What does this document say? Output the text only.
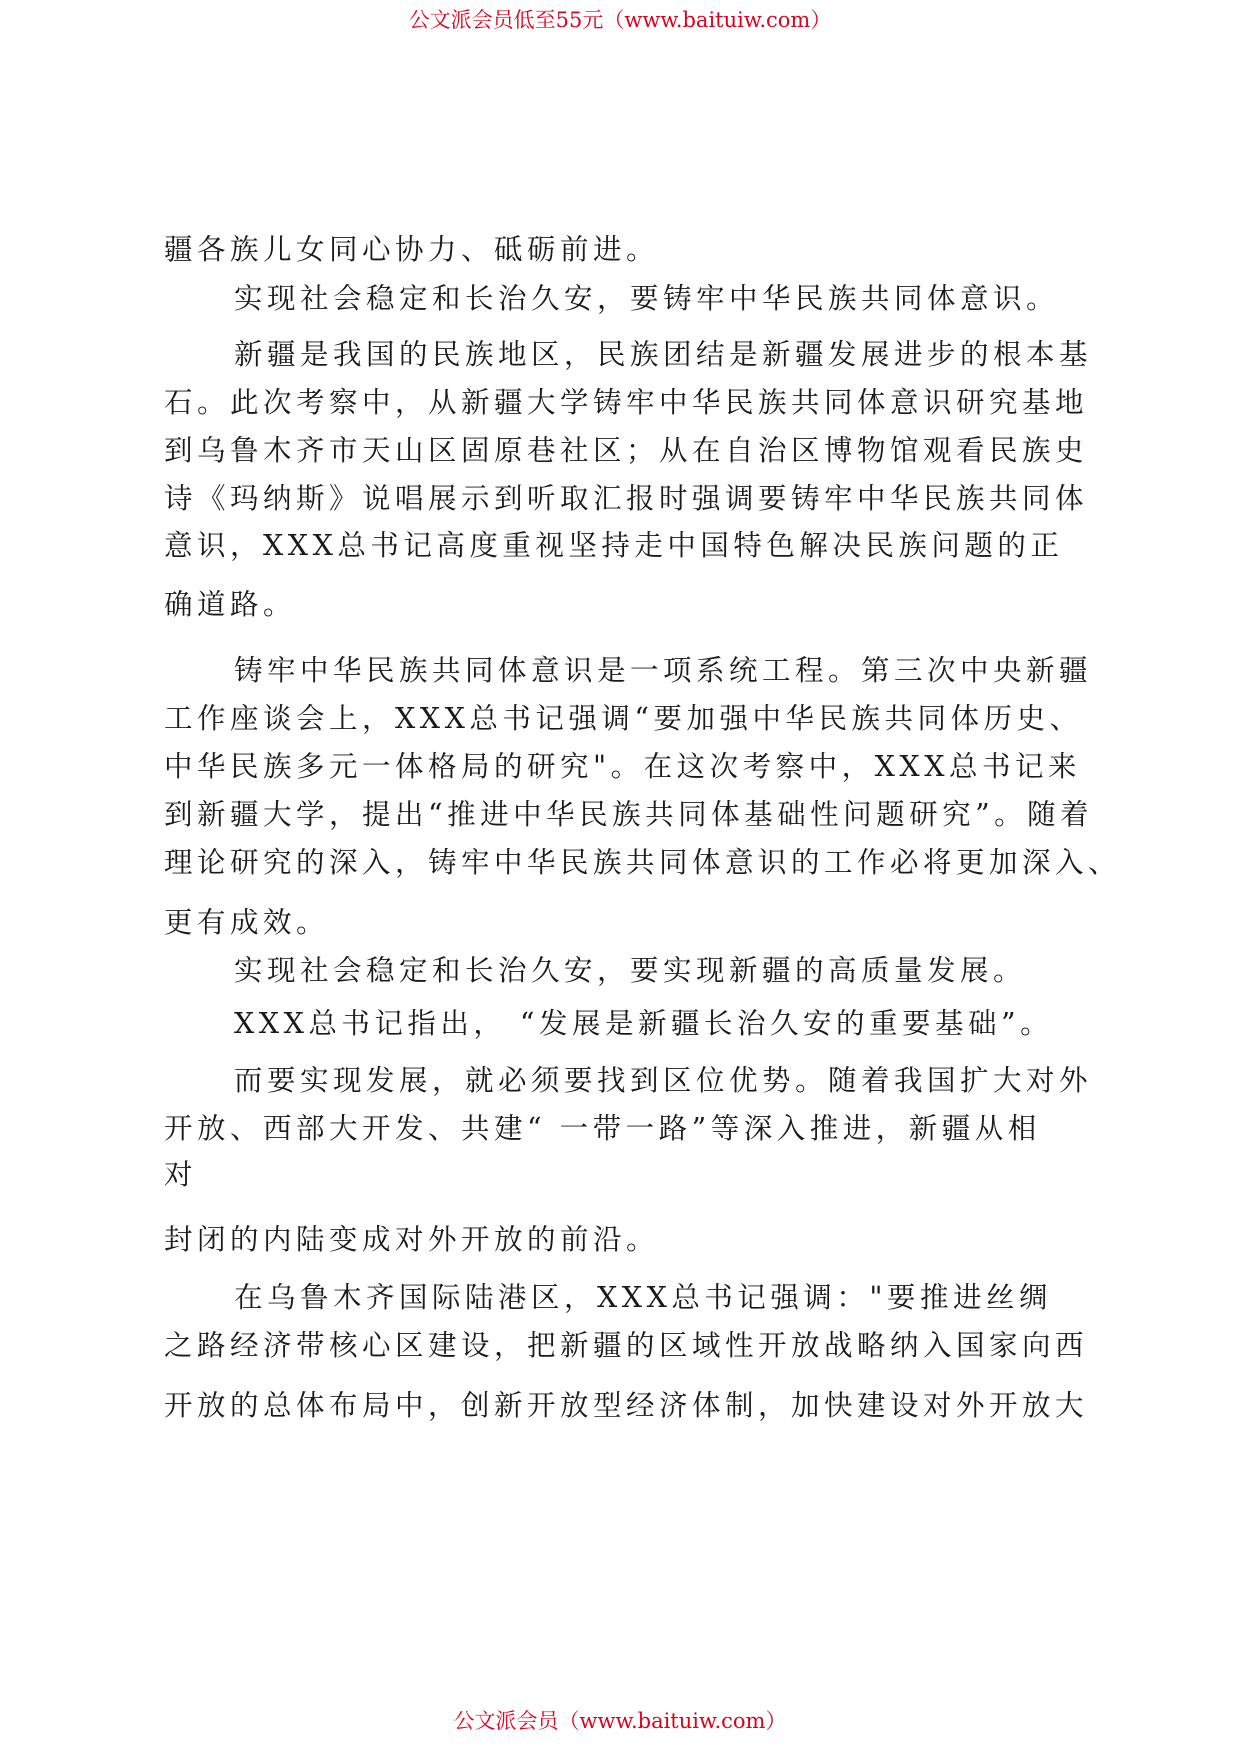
公文派会员低至55元（www.baituiw.com）
疆各族儿女同心协力、砥砺前进。
实现社会稳定和长治久安，要铸牢中华民族共同体意识。
新疆是我国的民族地区，民族团结是新疆发展进步的根本基
石。此次考察中，从新疆大学铸牢中华民族共同体意识研究基地
到乌鲁木齐市天山区固原巷社区；从在自治区博物馆观看民族史
诗《玛纳斯》说唱展示到听取汇报时强调要铸牢中华民族共同体
意识，XXX总书记高度重视坚持走中国特色解决民族问题的正
确道路。
铸牢中华民族共同体意识是一项系统工程。第三次中央新疆
工作座谈会上，XXX总书记强调“要加强中华民族共同体历史、
中华民族多元一体格局的研究"。在这次考察中，XXX总书记来
到新疆大学，提出“推进中华民族共同体基础性问题研究”。随着
理论研究的深入，铸牢中华民族共同体意识的工作必将更加深入、
更有成效。
实现社会稳定和长治久安，要实现新疆的高质量发展。
XXX总书记指出， “发展是新疆长治久安的重要基础”。
而要实现发展，就必须要找到区位优势。随着我国扩大对外
开放、西部大开发、共建“ 一带一路”等深入推进，新疆从相
对
封闭的内陆变成对外开放的前沿。
在乌鲁木齐国际陆港区，XXX总书记强调："要推进丝绸
之路经济带核心区建设，把新疆的区域性开放战略纳入国家向西
开放的总体布局中，创新开放型经济体制，加快建设对外开放大
公文派会员（www.baituiw.com）
